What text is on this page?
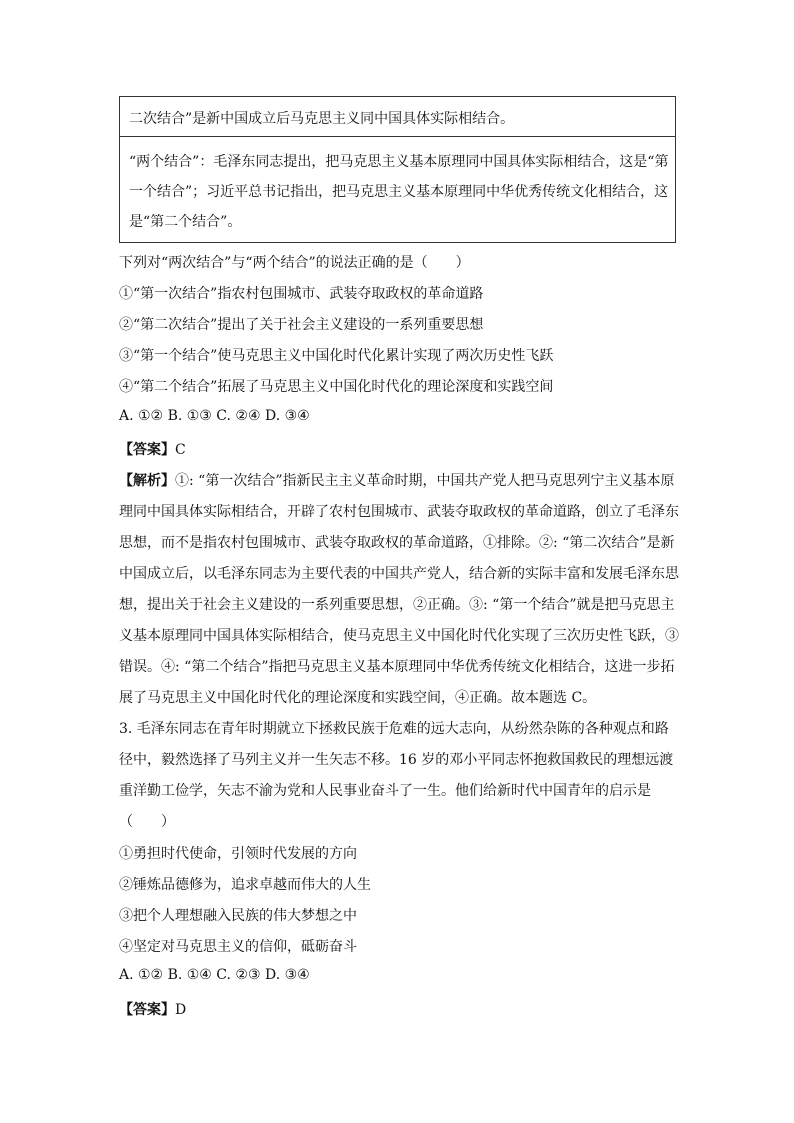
二次结合”是新中国成立后马克思主义同中国具体实际相结合。
“两个结合”：毛泽东同志提出，把马克思主义基本原理同中国具体实际相结合，这是“第
一个结合”；习近平总书记指出，把马克思主义基本原理同中华优秀传统文化相结合，这
是“第二个结合”。
下列对“两次结合”与“两个结合”的说法正确的是（　　）
①“第一次结合”指农村包围城市、武装夺取政权的革命道路
②“第二次结合”提出了关于社会主义建设的一系列重要思想
③“第一个结合”使马克思主义中国化时代化累计实现了两次历史性飞跃
④“第二个结合”拓展了马克思主义中国化时代化的理论深度和实践空间
A. ①② B. ①③ C. ②④ D. ③④
【答案】C
【解析】①: “第一次结合”指新民主主义革命时期，中国共产党人把马克思列宁主义基本原
理同中国具体实际相结合，开辟了农村包围城市、武装夺取政权的革命道路，创立了毛泽东
思想，而不是指农村包围城市、武装夺取政权的革命道路，①排除。②: “第二次结合”是新
中国成立后，以毛泽东同志为主要代表的中国共产党人，结合新的实际丰富和发展毛泽东思
想，提出关于社会主义建设的一系列重要思想，②正确。③: “第一个结合”就是把马克思主
义基本原理同中国具体实际相结合，使马克思主义中国化时代化实现了三次历史性飞跃，③
错误。④: “第二个结合”指把马克思主义基本原理同中华优秀传统文化相结合，这进一步拓
展了马克思主义中国化时代化的理论深度和实践空间，④正确。故本题选 C。
3. 毛泽东同志在青年时期就立下拯救民族于危难的远大志向，从纷然杂陈的各种观点和路
径中，毅然选择了马列主义并一生矢志不移。16 岁的邓小平同志怀抱救国救民的理想远渡
重洋勤工俭学，矢志不渝为党和人民事业奋斗了一生。他们给新时代中国青年的启示是
（　　）
①勇担时代使命，引领时代发展的方向
②锤炼品德修为，追求卓越而伟大的人生
③把个人理想融入民族的伟大梦想之中
④坚定对马克思主义的信仰，砥砺奋斗
A. ①② B. ①④ C. ②③ D. ③④
【答案】D
